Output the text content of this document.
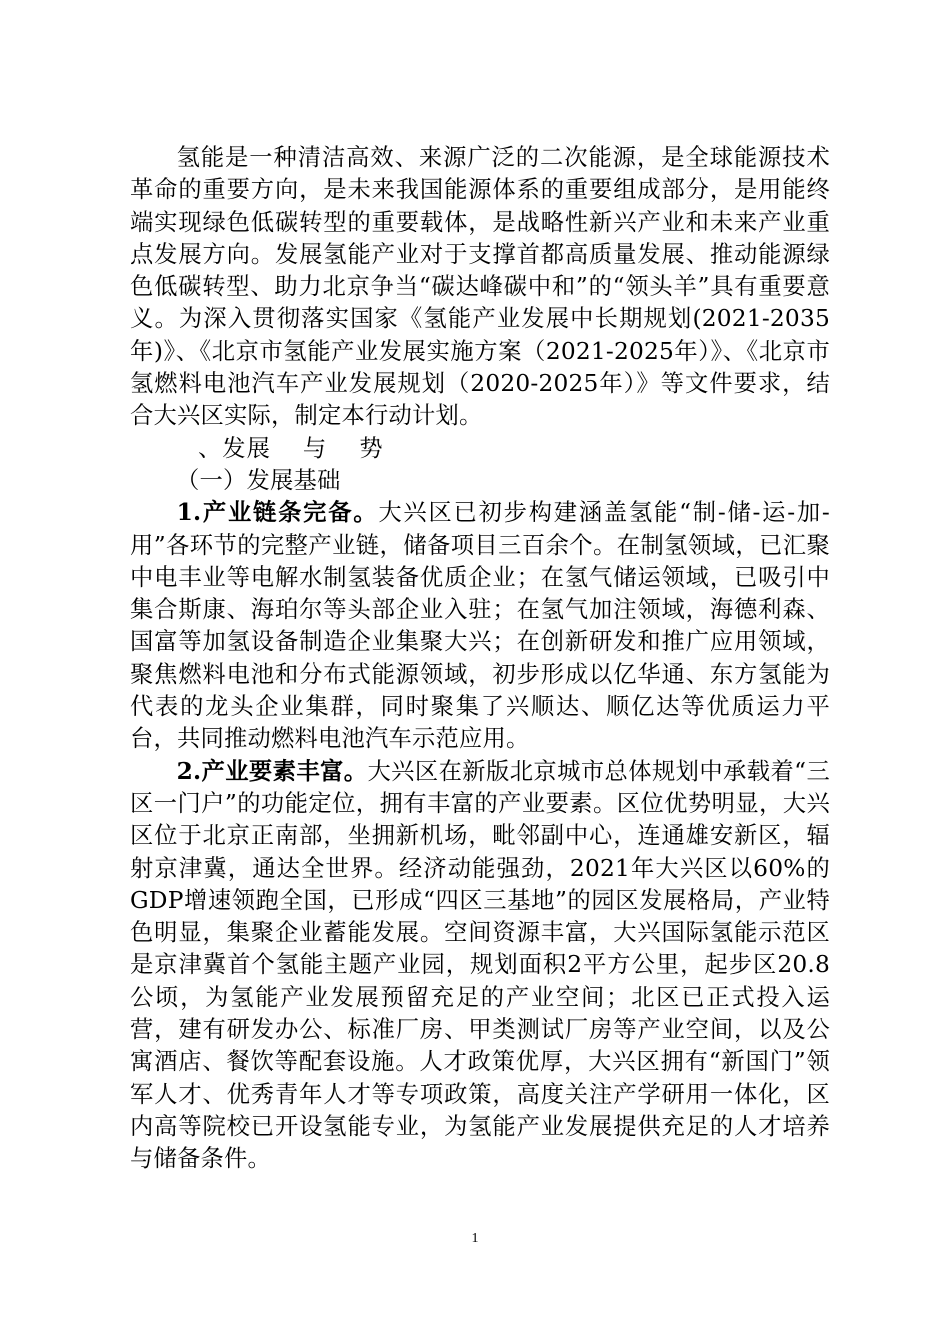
氢能是一种清洁高效、来源广泛的二次能源，是全球能源技术革命的重要方向，是未来我国能源体系的重要组成部分，是用能终端实现绿色低碳转型的重要载体，是战略性新兴产业和未来产业重点发展方向。发展氢能产业对于支撑首都高质量发展、推动能源绿色低碳转型、助力北京争当“碳达峰碳中和”的“领头羊”具有重要意义。为深入贯彻落实国家《氢能产业发展中长期规划(2021-2035年)》、《北京市氢能产业发展实施方案（2021-2025年）》、《北京市氢燃料电池汽车产业发展规划（2020-2025年）》等文件要求，结合大兴区实际，制定本行动计划。

、发展 与 势
（一）发展基础

1.产业链条完备。大兴区已初步构建涵盖氢能“制-储-运-加-用”各环节的完整产业链，储备项目三百余个。在制氢领域，已汇聚中电丰业等电解水制氢装备优质企业；在氢气储运领域，已吸引中集合斯康、海珀尔等头部企业入驻；在氢气加注领域，海德利森、国富等加氢设备制造企业集聚大兴；在创新研发和推广应用领域，聚焦燃料电池和分布式能源领域，初步形成以亿华通、东方氢能为代表的龙头企业集群，同时聚集了兴顺达、顺亿达等优质运力平台，共同推动燃料电池汽车示范应用。

2.产业要素丰富。大兴区在新版北京城市总体规划中承载着“三区一门户”的功能定位，拥有丰富的产业要素。区位优势明显，大兴区位于北京正南部，坐拥新机场，毗邻副中心，连通雄安新区，辐射京津冀，通达全世界。经济动能强劲，2021年大兴区以60%的GDP增速领跑全国，已形成“四区三基地”的园区发展格局，产业特色明显，集聚企业蓄能发展。空间资源丰富，大兴国际氢能示范区是京津冀首个氢能主题产业园，规划面积2平方公里，起步区20.8公顷，为氢能产业发展预留充足的产业空间；北区已正式投入运营，建有研发办公、标准厂房、甲类测试厂房等产业空间，以及公寓酒店、餐饮等配套设施。人才政策优厚，大兴区拥有“新国门”领军人才、优秀青年人才等专项政策，高度关注产学研用一体化，区内高等院校已开设氢能专业，为氢能产业发展提供充足的人才培养与储备条件。

1
